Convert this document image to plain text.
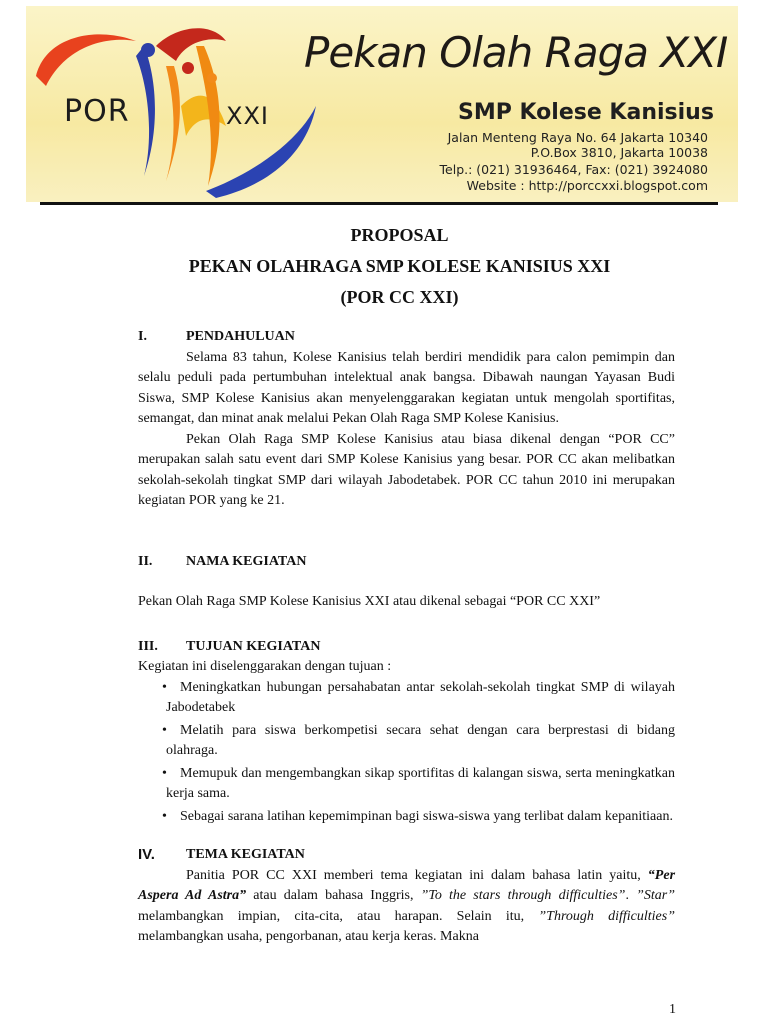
POR	XXI
Pekan Olah Raga XXI
SMP Kolese Kanisius
Jalan Menteng Raya No. 64 Jakarta 10340
P.O.Box 3810, Jakarta 10038
Telp.: (021) 31936464, Fax: (021) 3924080
Website : http://porccxxi.blogspot.com
PROPOSAL
PEKAN OLAHRAGA SMP KOLESE KANISIUS XXI
(POR CC XXI)
I.	PENDAHULUAN

Selama 83 tahun, Kolese Kanisius telah berdiri mendidik para calon pemimpin dan selalu peduli pada pertumbuhan intelektual anak bangsa. Dibawah naungan Yayasan Budi Siswa, SMP Kolese Kanisius akan menyelenggarakan kegiatan untuk mengolah sportifitas, semangat, dan minat anak melalui Pekan Olah Raga SMP Kolese Kanisius.

Pekan Olah Raga SMP Kolese Kanisius atau biasa dikenal dengan “POR CC” merupakan salah satu event dari SMP Kolese Kanisius yang besar. POR CC akan melibatkan sekolah-sekolah tingkat SMP dari wilayah Jabodetabek. POR CC tahun 2010 ini merupakan kegiatan POR yang ke 21.

II.	NAMA KEGIATAN

Pekan Olah Raga SMP Kolese Kanisius XXI atau dikenal sebagai “POR CC XXI”

III.	TUJUAN KEGIATAN

Kegiatan ini diselenggarakan dengan tujuan :

• Meningkatkan hubungan persahabatan antar sekolah-sekolah tingkat SMP di wilayah Jabodetabek
• Melatih para siswa berkompetisi secara sehat dengan cara berprestasi di bidang olahraga.
• Memupuk dan mengembangkan sikap sportifitas di kalangan siswa, serta meningkatkan kerja sama.
• Sebagai sarana latihan kepemimpinan bagi siswa-siswa yang terlibat dalam kepanitiaan.
IV.	TEMA KEGIATAN

Panitia POR CC XXI memberi tema kegiatan ini dalam bahasa latin yaitu, “Per Aspera Ad Astra” atau dalam bahasa Inggris, ”To the stars through difficulties”. ”Star” melambangkan impian, cita-cita, atau harapan. Selain itu, ”Through difficulties” melambangkan usaha, pengorbanan, atau kerja keras. Makna

1
